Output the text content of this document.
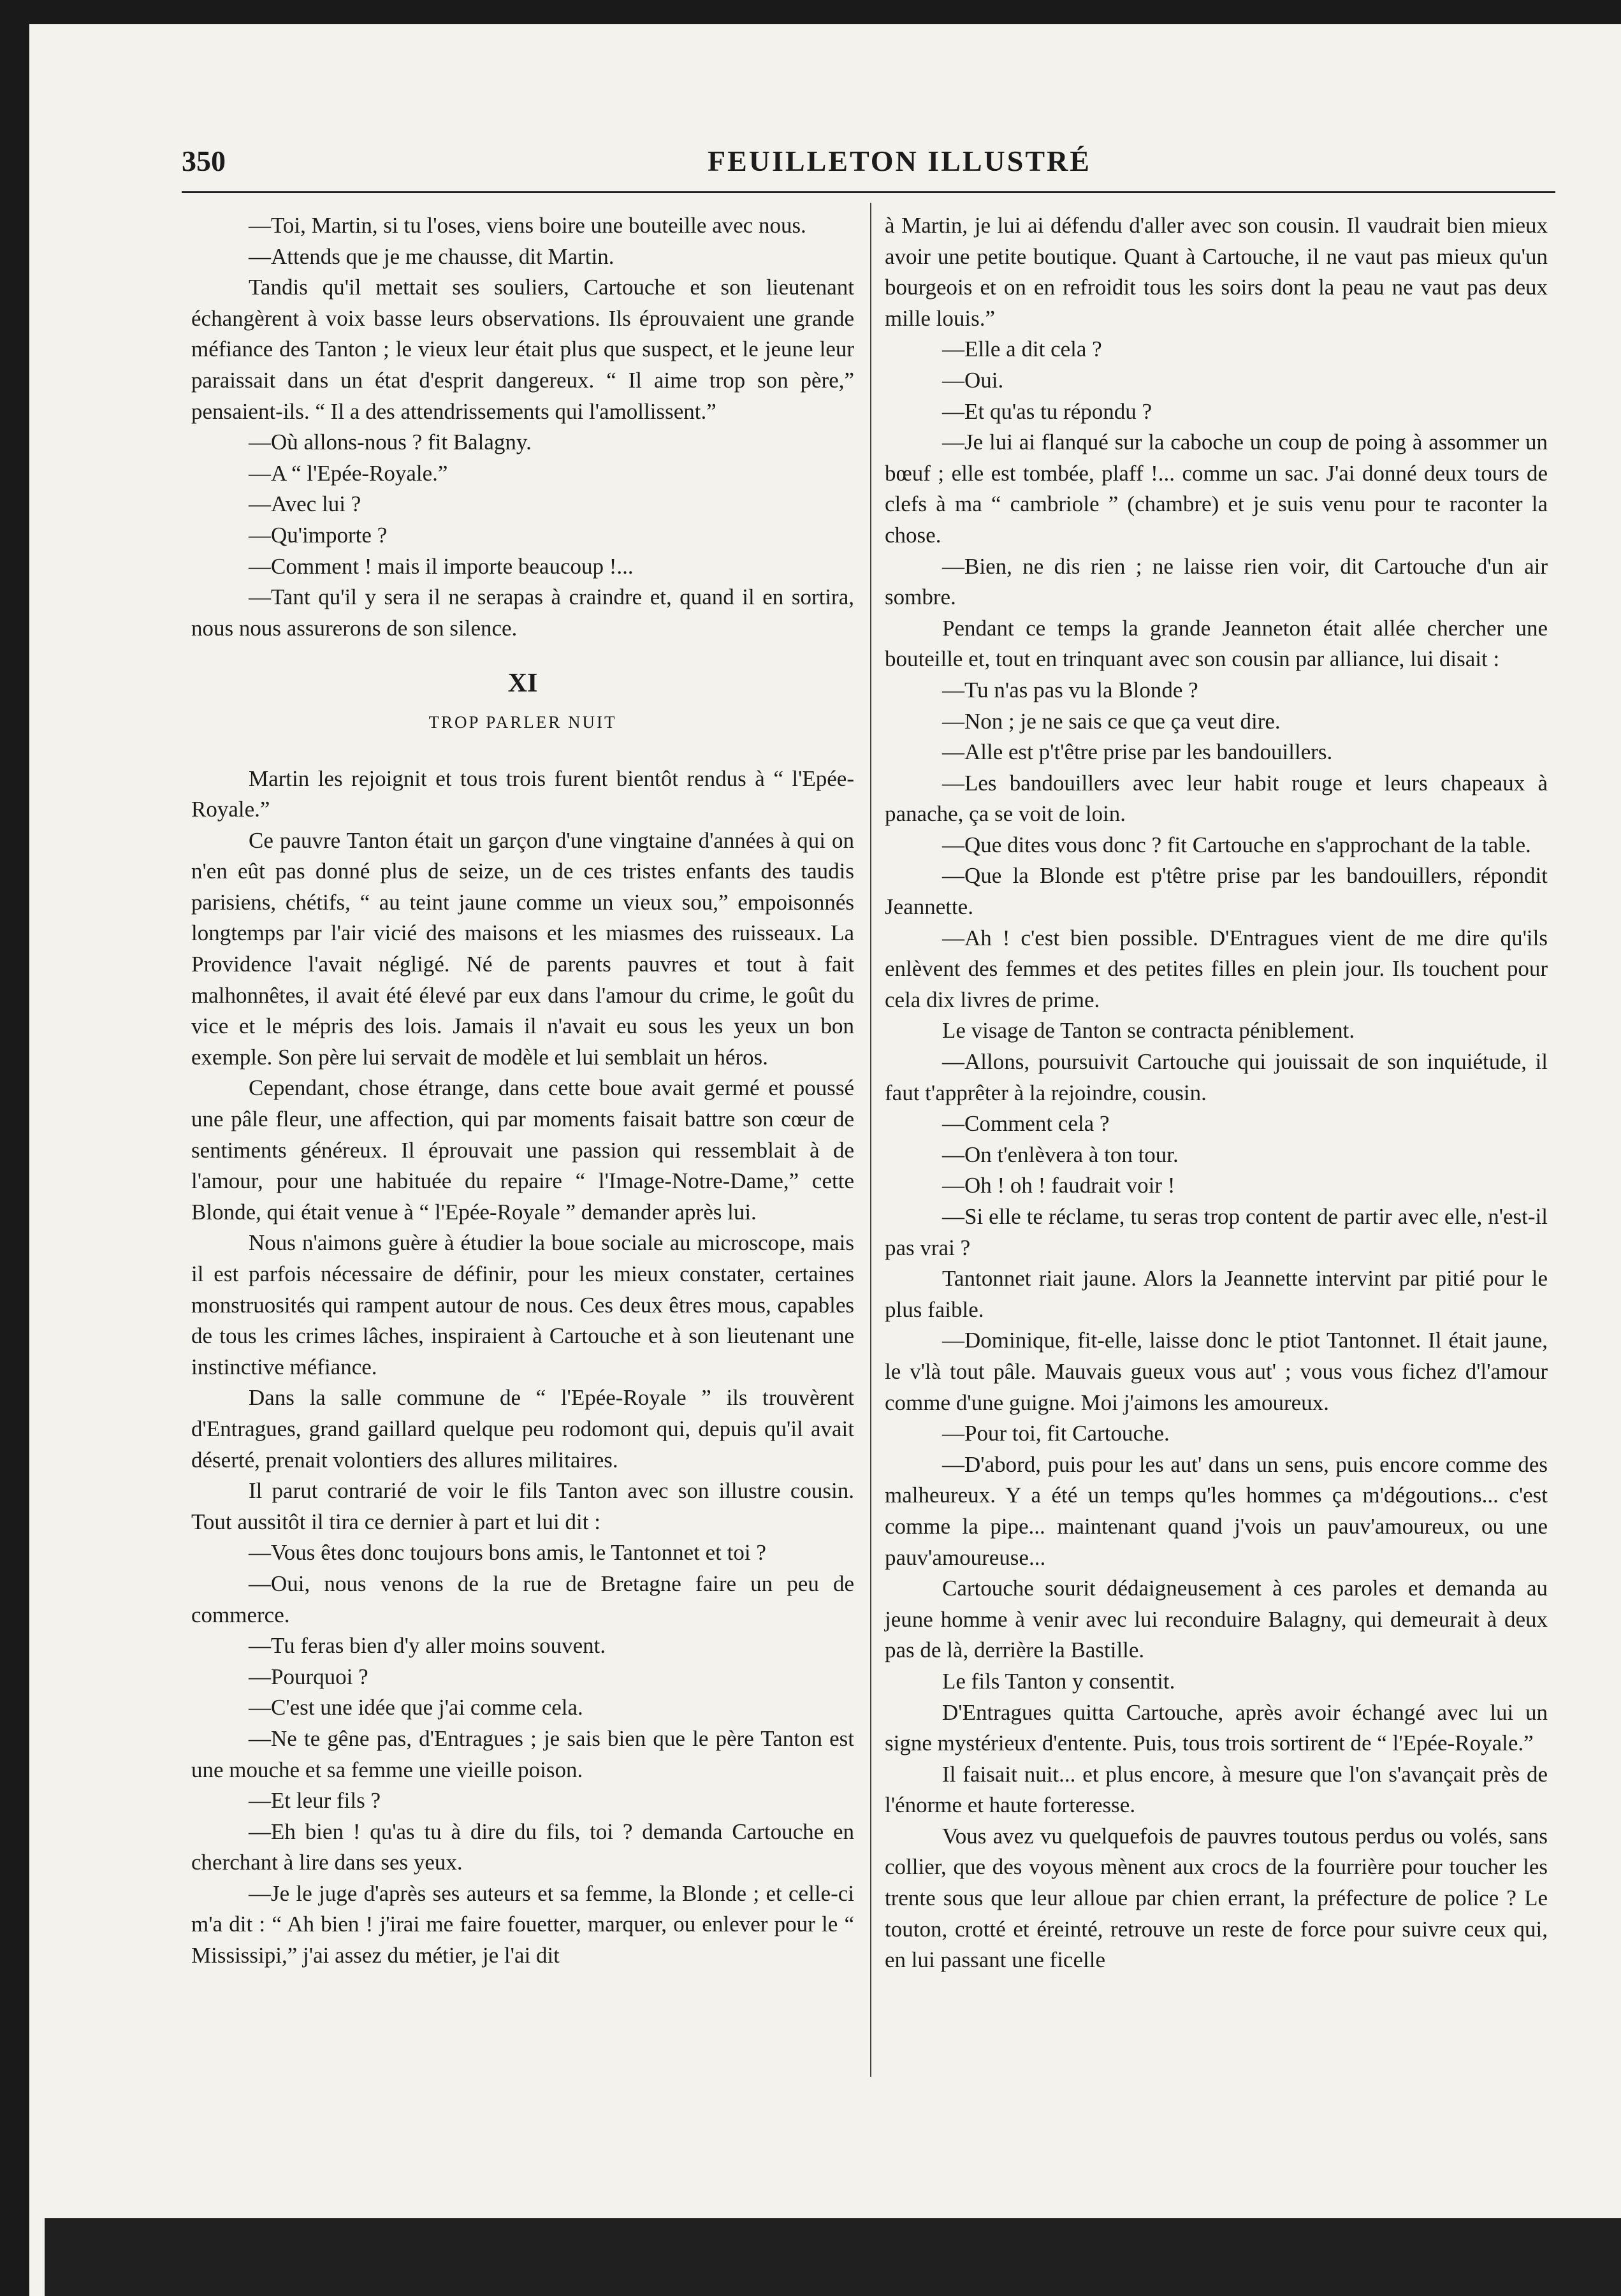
350	FEUILLETON ILLUSTRÉ

—Toi, Martin, si tu l'oses, viens boire une bouteille avec nous.

—Attends que je me chausse, dit Martin.

Tandis qu'il mettait ses souliers, Cartouche et son lieutenant échangèrent à voix basse leurs observations. Ils éprouvaient une grande méfiance des Tanton ; le vieux leur était plus que suspect, et le jeune leur paraissait dans un état d'esprit dangereux. “ Il aime trop son père,” pensaient-ils. “ Il a des attendrissements qui l'amollissent.”

—Où allons-nous ? fit Balagny.

—A “ l'Epée-Royale.”

—Avec lui ?

—Qu'importe ?

—Comment ! mais il importe beaucoup !...

—Tant qu'il y sera il ne serapas à craindre et, quand il en sortira, nous nous assurerons de son silence.

XI
TROP PARLER NUIT

Martin les rejoignit et tous trois furent bientôt rendus à “ l'Epée-Royale.”

Ce pauvre Tanton était un garçon d'une vingtaine d'années à qui on n'en eût pas donné plus de seize, un de ces tristes enfants des taudis parisiens, chétifs, “ au teint jaune comme un vieux sou,” empoisonnés longtemps par l'air vicié des maisons et les miasmes des ruisseaux. La Providence l'avait négligé. Né de parents pauvres et tout à fait malhonnêtes, il avait été élevé par eux dans l'amour du crime, le goût du vice et le mépris des lois. Jamais il n'avait eu sous les yeux un bon exemple. Son père lui servait de modèle et lui semblait un héros.

Cependant, chose étrange, dans cette boue avait germé et poussé une pâle fleur, une affection, qui par moments faisait battre son cœur de sentiments généreux. Il éprouvait une passion qui ressemblait à de l'amour, pour une habituée du repaire “ l'Image-Notre-Dame,” cette Blonde, qui était venue à “ l'Epée-Royale ” demander après lui.

Nous n'aimons guère à étudier la boue sociale au microscope, mais il est parfois nécessaire de définir, pour les mieux constater, certaines monstruosités qui rampent autour de nous. Ces deux êtres mous, capables de tous les crimes lâches, inspiraient à Cartouche et à son lieutenant une instinctive méfiance.

Dans la salle commune de “ l'Epée-Royale ” ils trouvèrent d'Entragues, grand gaillard quelque peu rodomont qui, depuis qu'il avait déserté, prenait volontiers des allures militaires.

Il parut contrarié de voir le fils Tanton avec son illustre cousin. Tout aussitôt il tira ce dernier à part et lui dit :

—Vous êtes donc toujours bons amis, le Tantonnet et toi ?

—Oui, nous venons de la rue de Bretagne faire un peu de commerce.

—Tu feras bien d'y aller moins souvent.

—Pourquoi ?

—C'est une idée que j'ai comme cela.

—Ne te gêne pas, d'Entragues ; je sais bien que le père Tanton est une mouche et sa femme une vieille poison.

—Et leur fils ?

—Eh bien ! qu'as tu à dire du fils, toi ? demanda Cartouche en cherchant à lire dans ses yeux.

—Je le juge d'après ses auteurs et sa femme, la Blonde ; et celle-ci m'a dit : “ Ah bien ! j'irai me faire fouetter, marquer, ou enlever pour le “ Mississipi,” j'ai assez du métier, je l'ai dit

à Martin, je lui ai défendu d'aller avec son cousin. Il vaudrait bien mieux avoir une petite boutique. Quant à Cartouche, il ne vaut pas mieux qu'un bourgeois et on en refroidit tous les soirs dont la peau ne vaut pas deux mille louis.”

—Elle a dit cela ?

—Oui.

—Et qu'as tu répondu ?

—Je lui ai flanqué sur la caboche un coup de poing à assommer un bœuf ; elle est tombée, plaff !... comme un sac. J'ai donné deux tours de clefs à ma “ cambriole ” (chambre) et je suis venu pour te raconter la chose.

—Bien, ne dis rien ; ne laisse rien voir, dit Cartouche d'un air sombre.

Pendant ce temps la grande Jeanneton était allée chercher une bouteille et, tout en trinquant avec son cousin par alliance, lui disait :

—Tu n'as pas vu la Blonde ?

—Non ; je ne sais ce que ça veut dire.

—Alle est p't'être prise par les bandouillers.

—Les bandouillers avec leur habit rouge et leurs chapeaux à panache, ça se voit de loin.

—Que dites vous donc ? fit Cartouche en s'approchant de la table.

—Que la Blonde est p'têtre prise par les bandouillers, répondit Jeannette.

—Ah ! c'est bien possible. D'Entragues vient de me dire qu'ils enlèvent des femmes et des petites filles en plein jour. Ils touchent pour cela dix livres de prime.

Le visage de Tanton se contracta péniblement.

—Allons, poursuivit Cartouche qui jouissait de son inquiétude, il faut t'apprêter à la rejoindre, cousin.

—Comment cela ?

—On t'enlèvera à ton tour.

—Oh ! oh ! faudrait voir !

—Si elle te réclame, tu seras trop content de partir avec elle, n'est-il pas vrai ?

Tantonnet riait jaune. Alors la Jeannette intervint par pitié pour le plus faible.

—Dominique, fit-elle, laisse donc le ptiot Tantonnet. Il était jaune, le v'là tout pâle. Mauvais gueux vous aut' ; vous vous fichez d'l'amour comme d'une guigne. Moi j'aimons les amoureux.

—Pour toi, fit Cartouche.

—D'abord, puis pour les aut' dans un sens, puis encore comme des malheureux. Y a été un temps qu'les hommes ça m'dégoutions... c'est comme la pipe... maintenant quand j'vois un pauv'amoureux, ou une pauv'amoureuse...

Cartouche sourit dédaigneusement à ces paroles et demanda au jeune homme à venir avec lui reconduire Balagny, qui demeurait à deux pas de là, derrière la Bastille.

Le fils Tanton y consentit.

D'Entragues quitta Cartouche, après avoir échangé avec lui un signe mystérieux d'entente. Puis, tous trois sortirent de “ l'Epée-Royale.”

Il faisait nuit... et plus encore, à mesure que l'on s'avançait près de l'énorme et haute forteresse.

Vous avez vu quelquefois de pauvres toutous perdus ou volés, sans collier, que des voyous mènent aux crocs de la fourrière pour toucher les trente sous que leur alloue par chien errant, la préfecture de police ? Le touton, crotté et éreinté, retrouve un reste de force pour suivre ceux qui, en lui passant une ficelle
